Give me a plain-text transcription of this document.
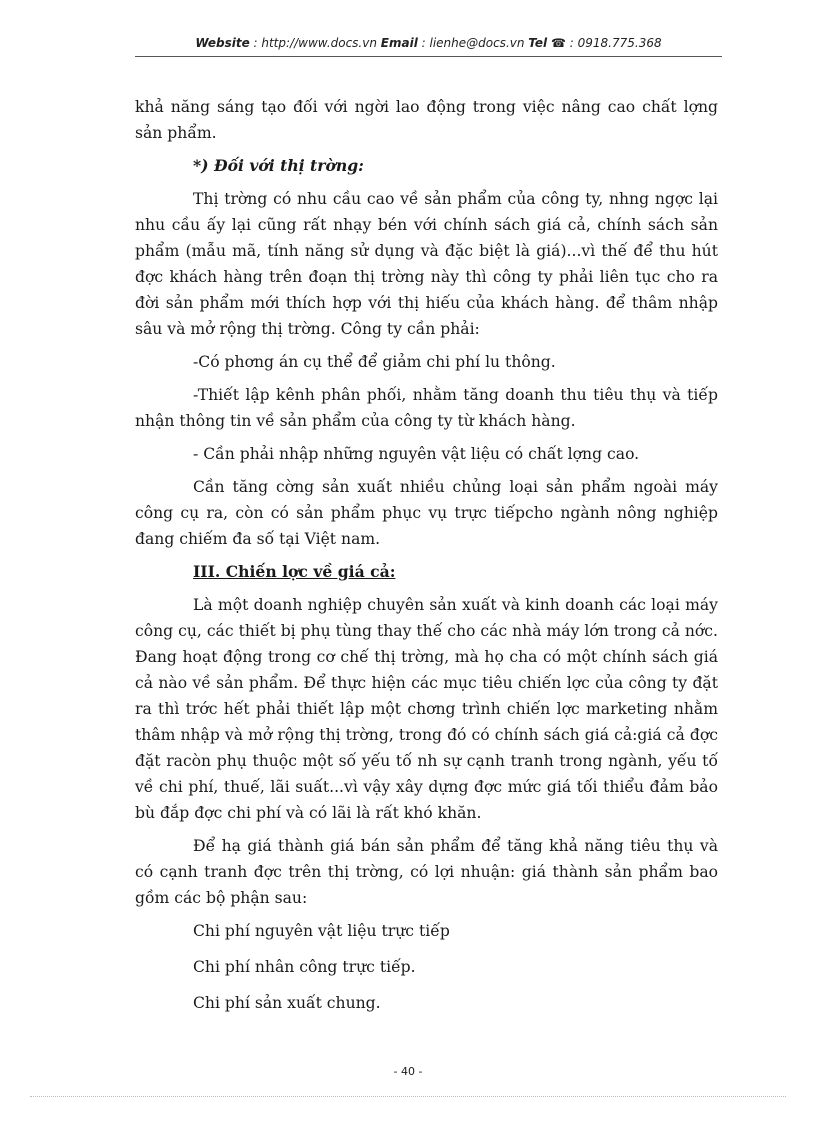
Website : http://www.docs.vn Email : lienhe@docs.vn Tel ☎ : 0918.775.368

khả năng sáng tạo đối với ngời lao động trong việc nâng cao chất lợng sản phẩm.

*) Đối với thị trờng:

Thị trờng có nhu cầu cao về sản phẩm của công ty, nhng ngợc lại nhu cầu ấy lại cũng rất nhạy bén với chính sách giá cả, chính sách sản phẩm (mẫu mã, tính năng sử dụng và đặc biệt là giá)...vì thế để thu hút đợc khách hàng trên đoạn thị trờng này thì công ty phải liên tục cho ra đời sản phẩm mới thích hợp với thị hiếu của khách hàng. để thâm nhập sâu và mở rộng thị trờng. Công ty cần phải:

-Có phơng án cụ thể để giảm chi phí lu thông.

-Thiết lập kênh phân phối, nhằm tăng doanh thu tiêu thụ và tiếp nhận thông tin về sản phẩm của công ty từ khách hàng.

- Cần phải nhập những nguyên vật liệu có chất lợng cao.

Cần tăng cờng sản xuất nhiều chủng loại sản phẩm ngoài máy công cụ ra, còn có sản phẩm phục vụ trực tiếpcho ngành nông nghiệp đang chiếm đa số tại Việt nam.

III. Chiến lợc về giá cả:

Là một doanh nghiệp chuyên sản xuất và kinh doanh các loại máy công cụ, các thiết bị phụ tùng thay thế cho các nhà máy lớn trong cả nớc. Đang hoạt động trong cơ chế thị trờng, mà họ cha có một chính sách giá cả nào về sản phẩm. Để thực hiện các mục tiêu chiến lợc của công ty đặt ra thì trớc hết phải thiết lập một chơng trình chiến lợc marketing nhằm thâm nhập và mở rộng thị trờng, trong đó có chính sách giá cả:giá cả đợc đặt racòn phụ thuộc một số yếu tố nh sự cạnh tranh trong ngành, yếu tố về chi phí, thuế, lãi suất...vì vậy xây dựng đợc mức giá tối thiểu đảm bảo bù đắp đợc chi phí và có lãi là rất khó khăn.

Để hạ giá thành giá bán sản phẩm để tăng khả năng tiêu thụ và có cạnh tranh đợc trên thị trờng, có lợi nhuận: giá thành sản phẩm bao gồm các bộ phận sau:

Chi phí nguyên vật liệu trực tiếp

Chi phí nhân công trực tiếp.

Chi phí sản xuất chung.

- 40 -
